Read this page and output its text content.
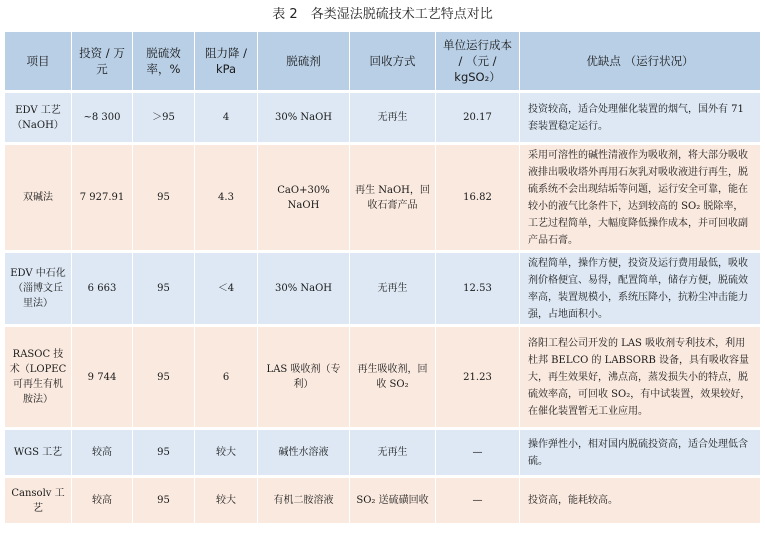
表 2　各类湿法脱硫技术工艺特点对比
项目	投资 / 万元	脱硫效率，%	阻力降 / kPa	脱硫剂	回收方式	单位运行成本 / （元 / kgSO₂）	优缺点 （运行状况）
EDV 工艺（NaOH）	~8 300	＞95	4	30% NaOH	无再生	20.17	投资较高，适合处理催化装置的烟气，国外有 71 套装置稳定运行。
双碱法	7 927.91	95	4.3	CaO+30% NaOH	再生 NaOH，回收石膏产品	16.82	采用可溶性的碱性清液作为吸收剂，将大部分吸收液排出吸收塔外再用石灰乳对吸收液进行再生，脱硫系统不会出现结垢等问题，运行安全可靠，能在较小的液气比条件下，达到较高的 SO₂ 脱除率，工艺过程简单，大幅度降低操作成本，并可回收副产品石膏。
EDV 中石化（淄博文丘里法）	6 663	95	＜4	30% NaOH	无再生	12.53	流程简单，操作方便，投资及运行费用最低，吸收剂价格便宜、易得，配置简单，储存方便，脱硫效率高，装置规模小，系统压降小，抗粉尘冲击能力强，占地面积小。
RASOC 技术（LOPEC 可再生有机胺法）	9 744	95	6	LAS 吸收剂（专利）	再生吸收剂，回收 SO₂	21.23	洛阳工程公司开发的 LAS 吸收剂专利技术，利用杜邦 BELCO 的 LABSORB 设备，具有吸收容量大，再生效果好，沸点高，蒸发损失小的特点，脱硫效率高，可回收 SO₂，有中试装置，效果较好，在催化装置暂无工业应用。
WGS 工艺	较高	95	较大	碱性水溶液	无再生	—	操作弹性小，相对国内脱硫投资高，适合处理低含硫。
Cansolv 工艺	较高	95	较大	有机二胺溶液	SO₂ 送硫磺回收	—	投资高，能耗较高。
